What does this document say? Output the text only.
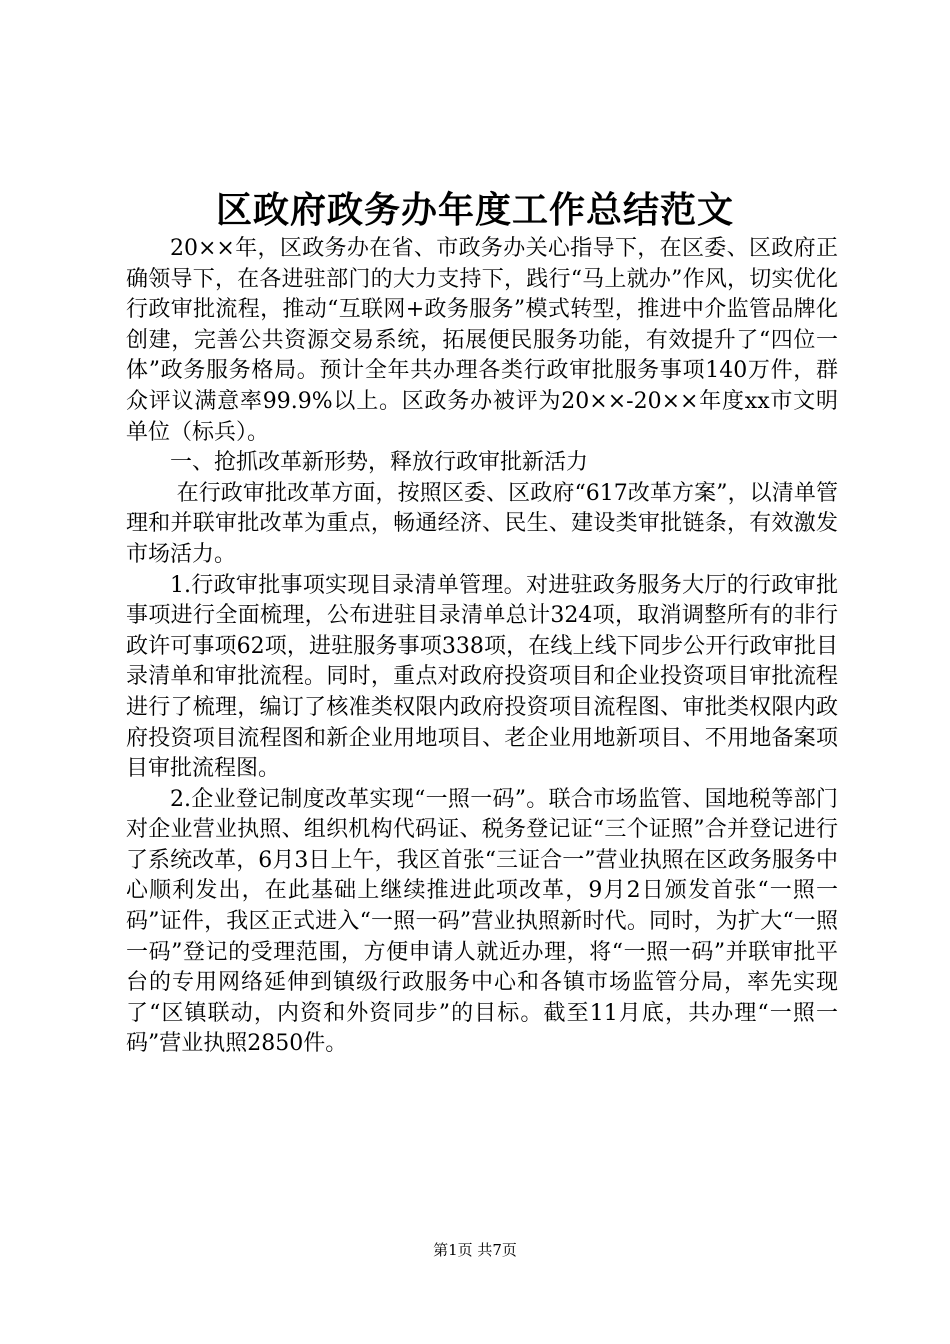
区政府政务办年度工作总结范文

20××年，区政务办在省、市政务办关心指导下，在区委、区政府正确领导下，在各进驻部门的大力支持下，践行“马上就办”作风，切实优化行政审批流程，推动“互联网+政务服务”模式转型，推进中介监管品牌化创建，完善公共资源交易系统，拓展便民服务功能，有效提升了“四位一体”政务服务格局。预计全年共办理各类行政审批服务事项140万件，群众评议满意率99.9%以上。区政务办被评为20××-20××年度xx市文明单位（标兵）。

一、抢抓改革新形势，释放行政审批新活力

在行政审批改革方面，按照区委、区政府“617改革方案”，以清单管理和并联审批改革为重点，畅通经济、民生、建设类审批链条，有效激发市场活力。

1.行政审批事项实现目录清单管理。对进驻政务服务大厅的行政审批事项进行全面梳理，公布进驻目录清单总计324项，取消调整所有的非行政许可事项62项，进驻服务事项338项，在线上线下同步公开行政审批目录清单和审批流程。同时，重点对政府投资项目和企业投资项目审批流程进行了梳理，编订了核准类权限内政府投资项目流程图、审批类权限内政府投资项目流程图和新企业用地项目、老企业用地新项目、不用地备案项目审批流程图。

2.企业登记制度改革实现“一照一码”。联合市场监管、国地税等部门对企业营业执照、组织机构代码证、税务登记证“三个证照”合并登记进行了系统改革，6月3日上午，我区首张“三证合一”营业执照在区政务服务中心顺利发出，在此基础上继续推进此项改革，9月2日颁发首张“一照一码”证件，我区正式进入“一照一码”营业执照新时代。同时，为扩大“一照一码”登记的受理范围，方便申请人就近办理，将“一照一码”并联审批平台的专用网络延伸到镇级行政服务中心和各镇市场监管分局，率先实现了“区镇联动，内资和外资同步”的目标。截至11月底，共办理“一照一码”营业执照2850件。

第1页 共7页
